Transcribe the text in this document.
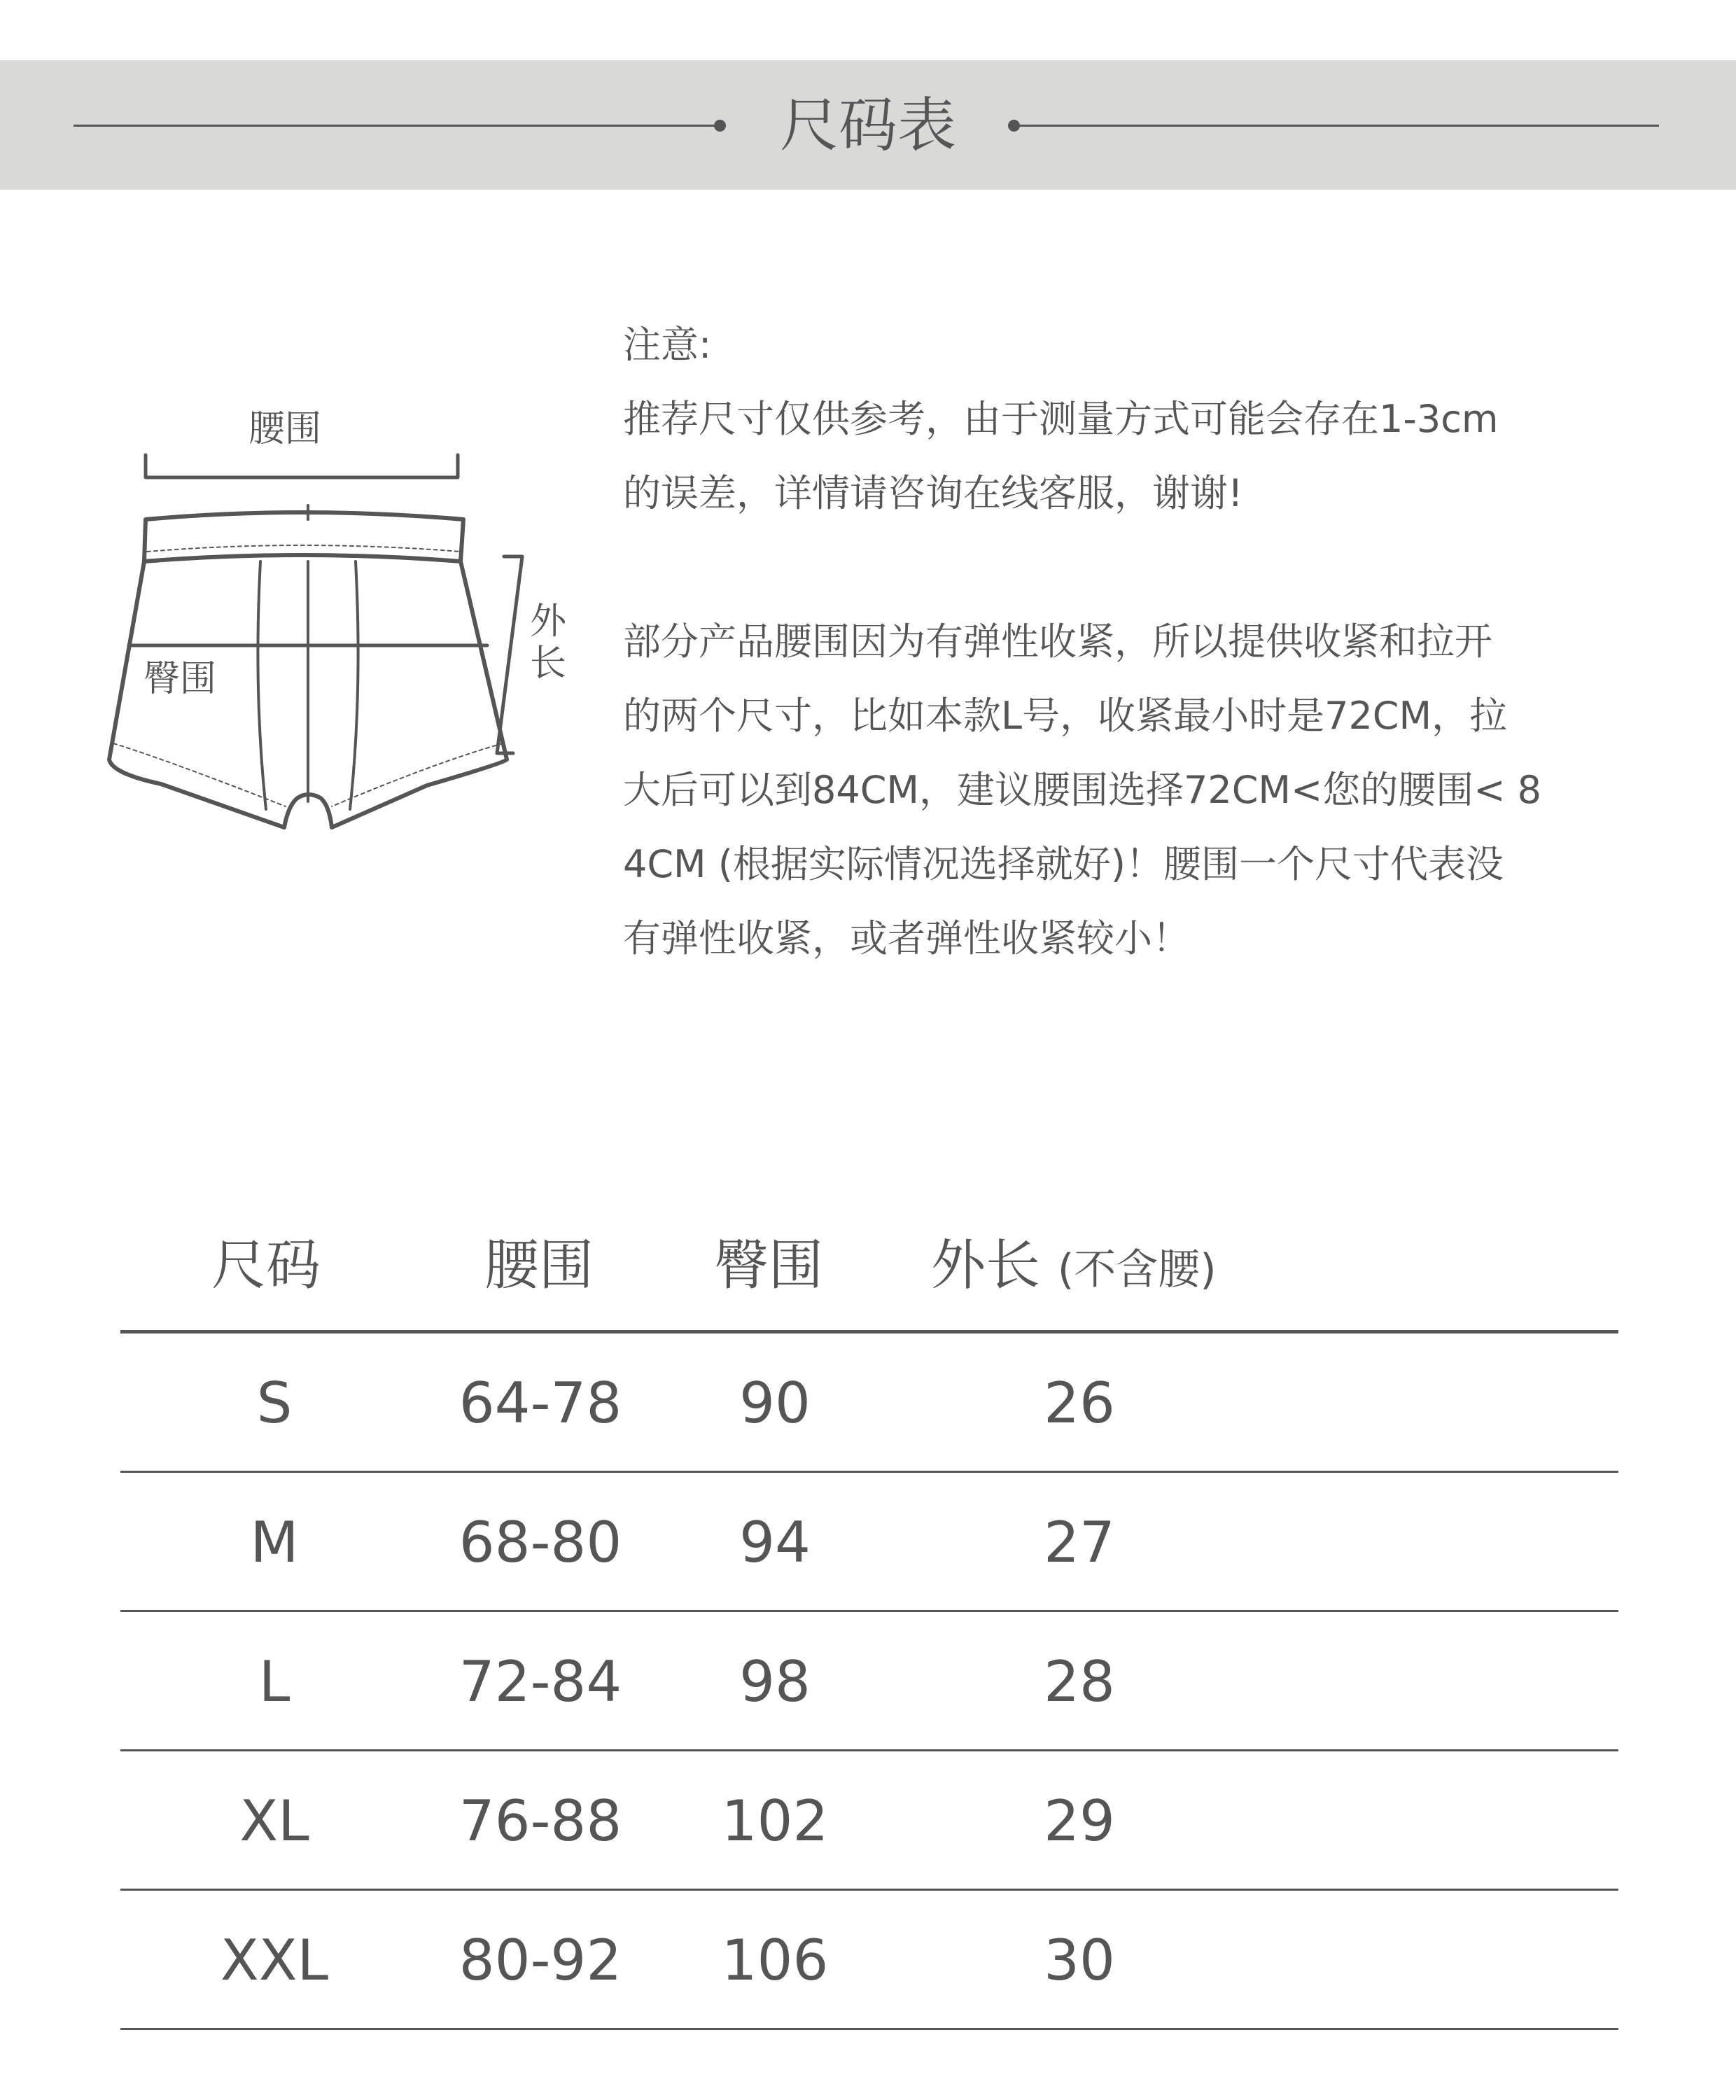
尺码表
腰围
臀围
外
长

注意:

推荐尺寸仅供参考，由于测量方式可能会存在1-3cm

的误差，详情请咨询在线客服，谢谢!

部分产品腰围因为有弹性收紧，所以提供收紧和拉开

的两个尺寸，比如本款L号，收紧最小时是72CM，拉

大后可以到84CM，建议腰围选择72CM<您的腰围< 8

4CM (根据实际情况选择就好)！腰围一个尺寸代表没

有弹性收紧，或者弹性收紧较小！

尺码	腰围 臀围 外长 (不含腰)
S	64-78	90	26
M	68-80	94	27
L	72-84	98	28
XL	76-88	102	29
XXL	80-92	106	30
